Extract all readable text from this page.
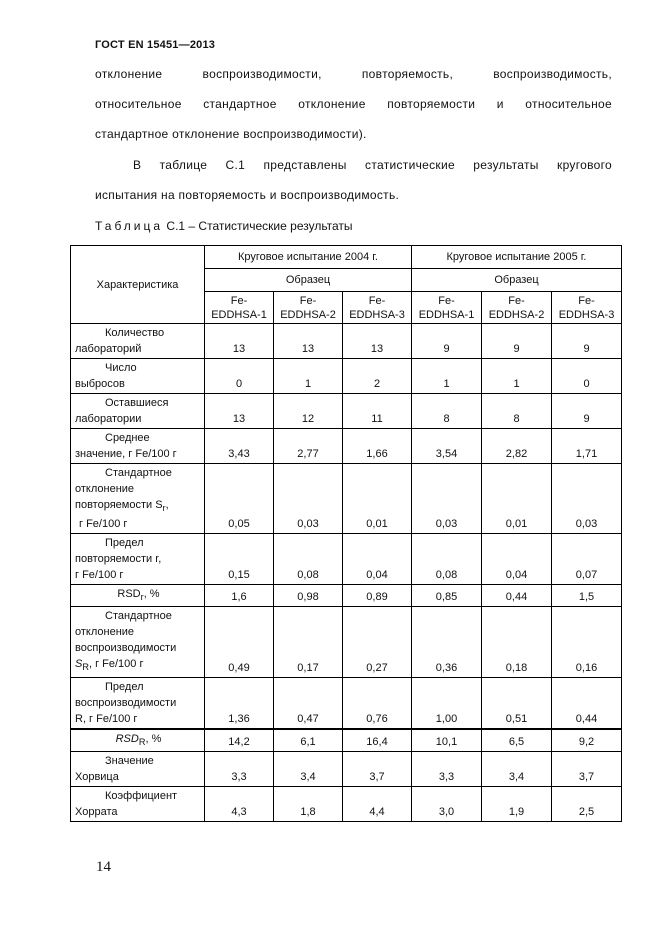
ГОСТ EN 15451—2013
отклонение воспроизводимости, повторяемость, воспроизводимость,
относительное стандартное отклонение повторяемости и относительное
стандартное отклонение воспроизводимости).
В таблице С.1 представлены статистические результаты кругового
испытания на повторяемость и воспроизводимость.
Таблица С.1 – Статистические результаты
Характеристика	Круговое испытание 2004 г.			Круговое испытание 2005 г.		
	Образец			Образец		
	Fe-
EDDHSA-1	Fe-
EDDHSA-2	Fe-
EDDHSA-3	Fe-
EDDHSA-1	Fe-
EDDHSA-2	Fe-
EDDHSA-3

Количество
лабораторий	13	13	13	9	9	9

Число
выбросов	0	1	2	1	1	0

Оставшиеся
лаборатории	13	12	11	8	8	9

Среднее
значение, г Fe/100 г	3,43	2,77	1,66	3,54	2,82	1,71

Стандартное
отклонение
повторяемости $S_r$,
г Fe/100 г	0,05	0,03	0,01	0,03	0,01	0,03

Предел
повторяемости r,
г Fe/100 г	0,15	0,08	0,04	0,08	0,04	0,07
$RSD_r$, %	1,6	0,98	0,89	0,85	0,44	1,5

Стандартное
отклонение
воспроизводимости
$S_R$, г Fe/100 г	0,49	0,17	0,27	0,36	0,18	0,16

Предел
воспроизводимости
R, г Fe/100 г	1,36	0,47	0,76	1,00	0,51	0,44
$RSD_R$, %	14,2	6,1	16,4	10,1	6,5	9,2

Значение
Хорвица	3,3	3,4	3,7	3,3	3,4	3,7

Коэффициент
Хоррата	4,3	1,8	4,4	3,0	1,9	2,5
14
